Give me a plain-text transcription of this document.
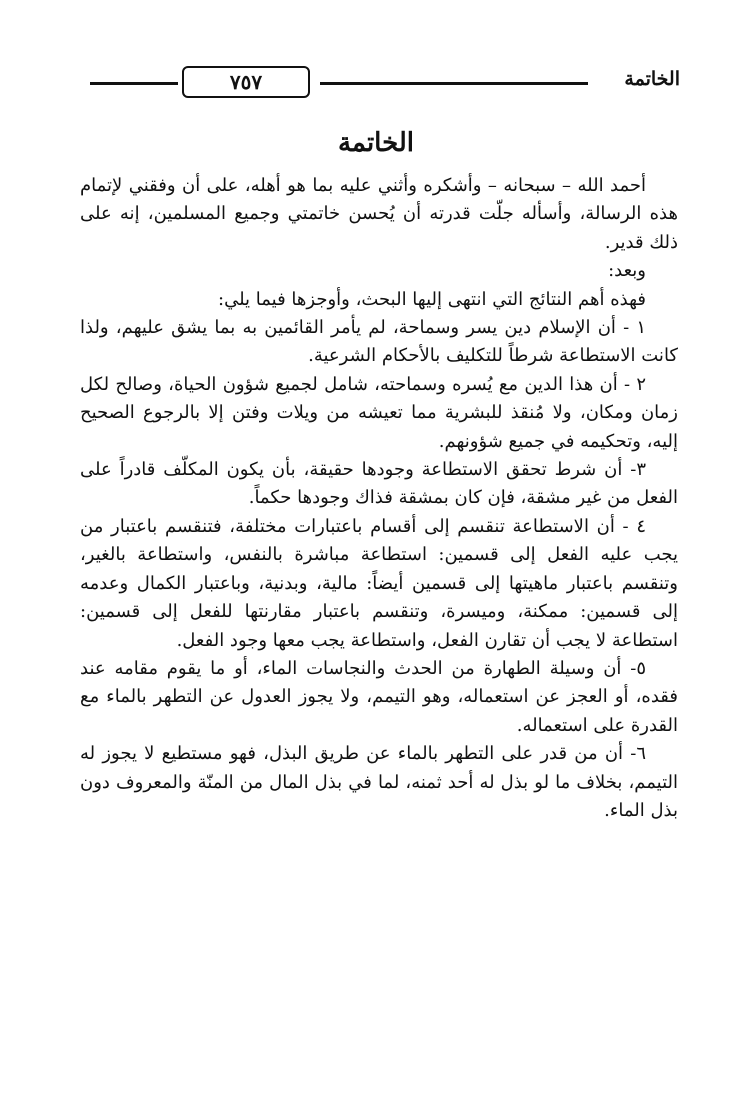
الخاتمة
٧٥٧
الخاتمة

أحمد الله – سبحانه – وأشكره وأثني عليه بما هو أهله، على أن وفقني لإتمام هذه الرسالة، وأسأله جلّت قدرته أن يُحسن خاتمتي وجميع المسلمين، إنه على ذلك قدير.

وبعد:

فهذه أهم النتائج التي انتهى إليها البحث، وأوجزها فيما يلي:

١ - أن الإسلام دين يسر وسماحة، لم يأمر القائمين به بما يشق عليهم، ولذا كانت الاستطاعة شرطاً للتكليف بالأحكام الشرعية.

٢ - أن هذا الدين مع يُسره وسماحته، شامل لجميع شؤون الحياة، وصالح لكل زمان ومكان، ولا مُنقذ للبشرية مما تعيشه من ويلات وفتن إلا بالرجوع الصحيح إليه، وتحكيمه في جميع شؤونهم.

٣- أن شرط تحقق الاستطاعة وجودها حقيقة، بأن يكون المكلّف قادراً على الفعل من غير مشقة، فإن كان بمشقة فذاك وجودها حكماً.

٤ - أن الاستطاعة تنقسم إلى أقسام باعتبارات مختلفة، فتنقسم باعتبار من يجب عليه الفعل إلى قسمين: استطاعة مباشرة بالنفس، واستطاعة بالغير، وتنقسم باعتبار ماهيتها إلى قسمين أيضاً: مالية، وبدنية، وباعتبار الكمال وعدمه إلى قسمين: ممكنة، وميسرة، وتنقسم باعتبار مقارنتها للفعل إلى قسمين: استطاعة لا يجب أن تقارن الفعل، واستطاعة يجب معها وجود الفعل.

٥- أن وسيلة الطهارة من الحدث والنجاسات الماء، أو ما يقوم مقامه عند فقده، أو العجز عن استعماله، وهو التيمم، ولا يجوز العدول عن التطهر بالماء مع القدرة على استعماله.

٦- أن من قدر على التطهر بالماء عن طريق البذل، فهو مستطيع لا يجوز له التيمم، بخلاف ما لو بذل له أحد ثمنه، لما في بذل المال من المنّة والمعروف دون بذل الماء.
